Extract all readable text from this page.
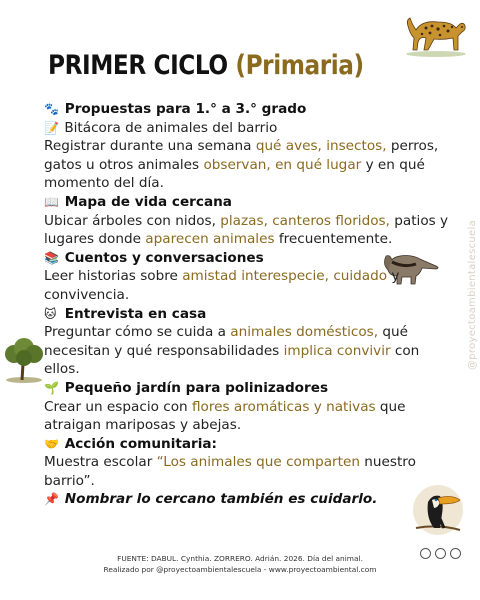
PRIMER CICLO (Primaria)
@proyectoambientalescuela
🐾 Propuestas para 1.° a 3.° grado
📝 Bitácora de animales del barrio
Registrar durante una semana qué aves, insectos, perros, gatos u otros animales observan, en qué lugar y en qué momento del día.
📖 Mapa de vida cercana
Ubicar árboles con nidos, plazas, canteros floridos, patios y lugares donde aparecen animales frecuentemente.
📚 Cuentos y conversaciones
Leer historias sobre amistad interespecie, cuidado y convivencia.
🐱 Entrevista en casa
Preguntar cómo se cuida a animales domésticos, qué necesitan y qué responsabilidades implica convivir con ellos.
🌱 Pequeño jardín para polinizadores
Crear un espacio con flores aromáticas y nativas que atraigan mariposas y abejas.
🤝 Acción comunitaria:
Muestra escolar “Los animales que comparten nuestro barrio”.
📌 Nombrar lo cercano también es cuidarlo.
FUENTE: DABUL. Cynthia. ZORRERO. Adrián. 2026. Día del animal.
Realizado por @proyectoambientalescuela - www.proyectoambiental.com
